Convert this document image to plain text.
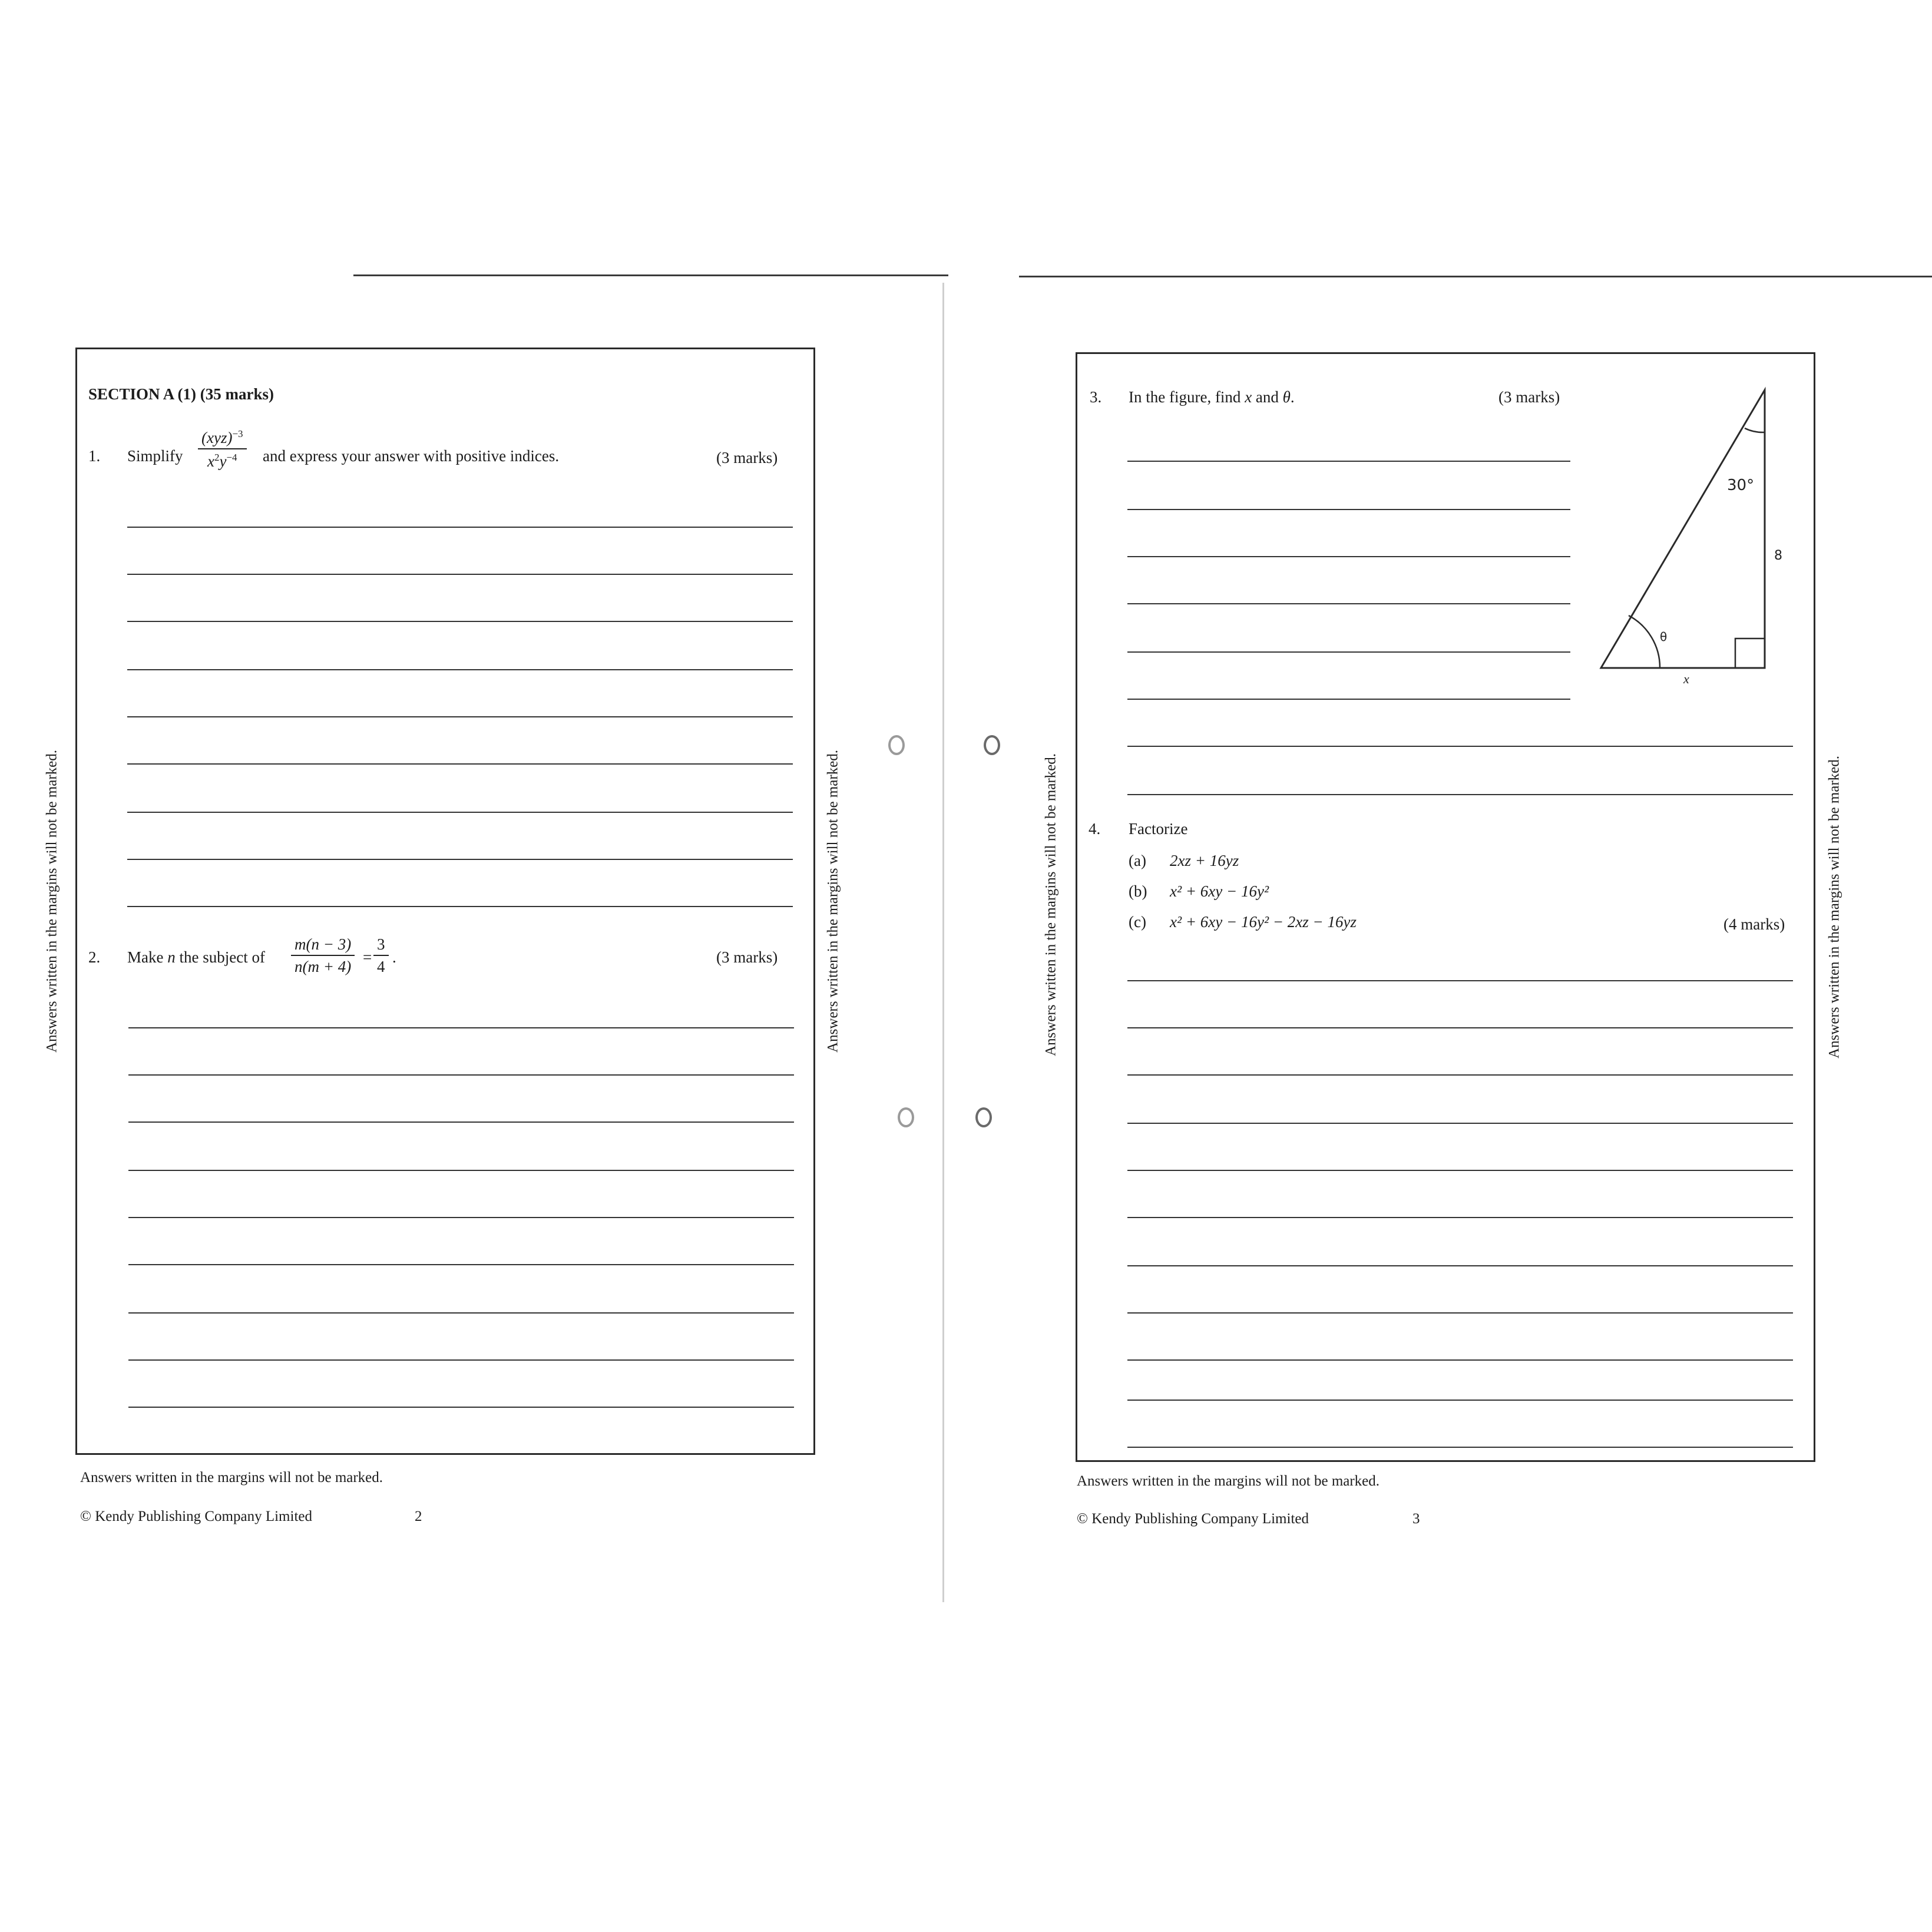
Answers written in the margins will not be marked.	Answers written in the margins will not be marked.
SECTION A (1) (35 marks)
1. Simplify
(xyz)$^{-3}$
$x^2y^{-4}$ and express your answer with positive indices.	(3 marks)
2. Make n the subject of $\frac{m(n - 3)}{n(m + 4)} = \frac{3}{4}$ .	(3 marks)
Answers written in the margins will not be marked.
© Kendy Publishing Company Limited	2
Answers written in the margins will not be marked.	Answers written in the margins will not be marked.
3. In the figure, find x and θ.	(3 marks)
30°
8
θ
x
4. Factorize
(a) 2xz + 16yz
(b) x² + 6xy − 16y²
(c) x² + 6xy − 16y² − 2xz − 16yz	(4 marks)
Answers written in the margins will not be marked.
© Kendy Publishing Company Limited	3
